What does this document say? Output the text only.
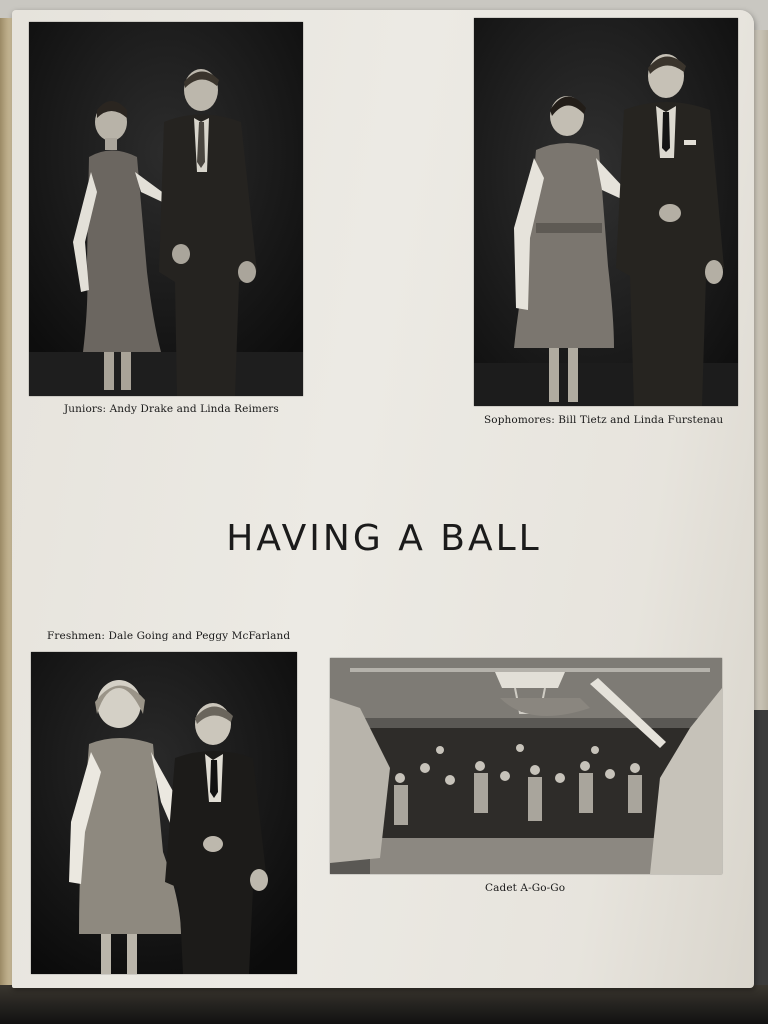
Juniors: Andy Drake and Linda Reimers
Sophomores: Bill Tietz and Linda Furstenau
HAVING A BALL
Freshmen: Dale Going and Peggy McFarland
Cadet A-Go-Go
